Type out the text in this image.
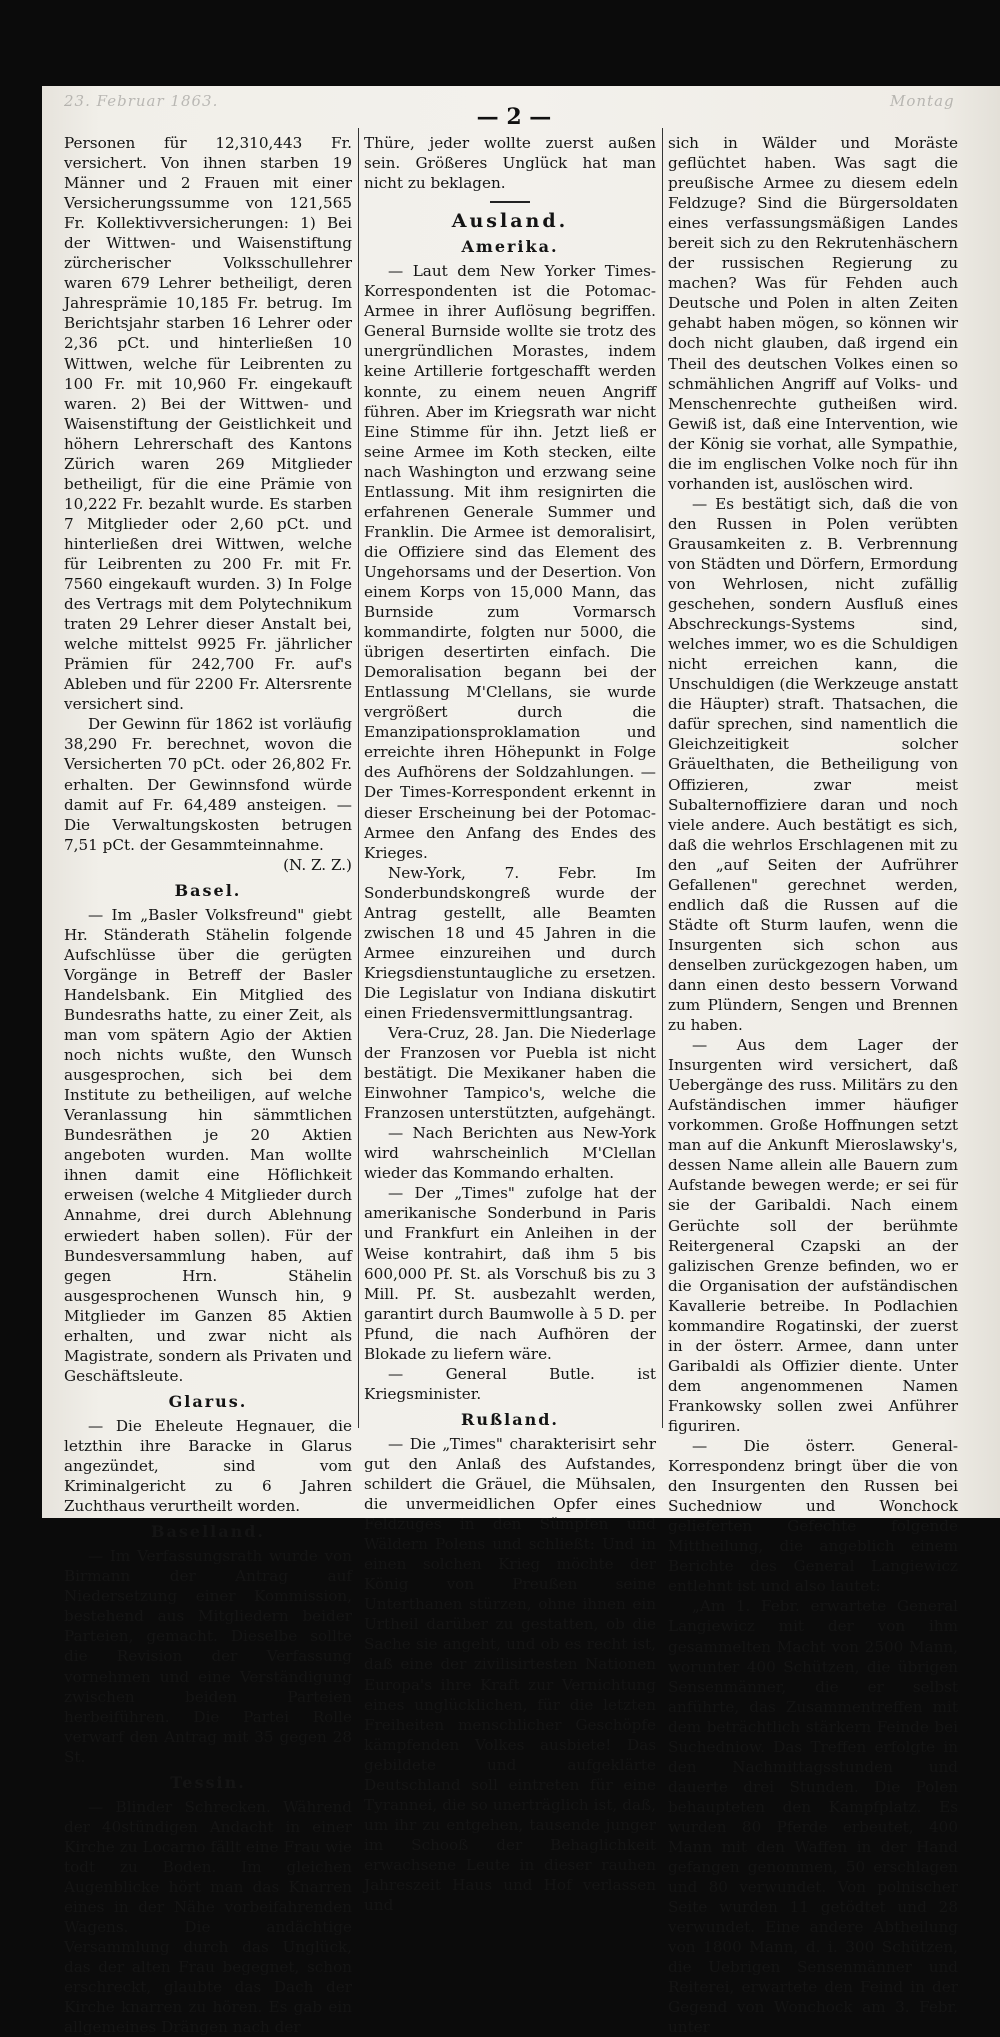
23. Februar 1863.	Montag
— 2 —

Personen für 12,310,443 Fr. versichert. Von ihnen starben 19 Männer und 2 Frauen mit einer Versicherungssumme von 121,565 Fr. Kollektivversicherungen: 1) Bei der Wittwen- und Waisenstiftung zürcherischer Volksschullehrer waren 679 Lehrer betheiligt, deren Jahresprämie 10,185 Fr. betrug. Im Berichtsjahr starben 16 Lehrer oder 2,36 pCt. und hinterließen 10 Wittwen, welche für Leibrenten zu 100 Fr. mit 10,960 Fr. eingekauft waren. 2) Bei der Wittwen- und Waisenstiftung der Geistlichkeit und höhern Lehrerschaft des Kantons Zürich waren 269 Mitglieder betheiligt, für die eine Prämie von 10,222 Fr. bezahlt wurde. Es starben 7 Mitglieder oder 2,60 pCt. und hinterließen drei Wittwen, welche für Leibrenten zu 200 Fr. mit Fr. 7560 eingekauft wurden. 3) In Folge des Vertrags mit dem Polytechnikum traten 29 Lehrer dieser Anstalt bei, welche mittelst 9925 Fr. jährlicher Prämien für 242,700 Fr. auf's Ableben und für 2200 Fr. Altersrente versichert sind.

Der Gewinn für 1862 ist vorläufig 38,290 Fr. berechnet, wovon die Versicherten 70 pCt. oder 26,802 Fr. erhalten. Der Gewinnsfond würde damit auf Fr. 64,489 ansteigen. — Die Verwaltungskosten betrugen 7,51 pCt. der Gesammteinnahme.

(N. Z. Z.)
Basel.

— Im „Basler Volksfreund" giebt Hr. Ständerath Stähelin folgende Aufschlüsse über die gerügten Vorgänge in Betreff der Basler Handelsbank. Ein Mitglied des Bundesraths hatte, zu einer Zeit, als man vom spätern Agio der Aktien noch nichts wußte, den Wunsch ausgesprochen, sich bei dem Institute zu betheiligen, auf welche Veranlassung hin sämmtlichen Bundesräthen je 20 Aktien angeboten wurden. Man wollte ihnen damit eine Höflichkeit erweisen (welche 4 Mitglieder durch Annahme, drei durch Ablehnung erwiedert haben sollen). Für der Bundesversammlung haben, auf gegen Hrn. Stähelin ausgesprochenen Wunsch hin, 9 Mitglieder im Ganzen 85 Aktien erhalten, und zwar nicht als Magistrate, sondern als Privaten und Geschäftsleute.

Glarus.

— Die Eheleute Hegnauer, die letzthin ihre Baracke in Glarus angezündet, sind vom Kriminalgericht zu 6 Jahren Zuchthaus verurtheilt worden.

Baselland.

— Im Verfassungsrath wurde von Birmann der Antrag auf Niedersetzung einer Kommission, bestehend aus Mitgliedern beider Parteien, gemacht. Dieselbe sollte die Revision der Verfassung vornehmen und eine Verständigung zwischen beiden Parteien herbeiführen. Die Partei Rolle verwarf den Antrag mit 35 gegen 28 St.

Tessin.

— Blinder Schrecken. Während der 40stündigen Andacht in einer Kirche zu Locarno fällt eine Frau wie todt zu Boden. Im gleichen Augenblicke hört man das Knarren eines in der Nähe vorbeifahrenden Wagens. Die andächtige Versammlung durch das Unglück, das der alten Frau begegnet, schon erschreckt, glaubte das Dach der Kirche knarren zu hören. Es gab ein allgemeines Drängen nach der

Thüre, jeder wollte zuerst außen sein. Größeres Unglück hat man nicht zu beklagen.

Ausland.
Amerika.

— Laut dem New Yorker Times-Korrespondenten ist die Potomac-Armee in ihrer Auflösung begriffen. General Burnside wollte sie trotz des unergründlichen Morastes, indem keine Artillerie fortgeschafft werden konnte, zu einem neuen Angriff führen. Aber im Kriegsrath war nicht Eine Stimme für ihn. Jetzt ließ er seine Armee im Koth stecken, eilte nach Washington und erzwang seine Entlassung. Mit ihm resignirten die erfahrenen Generale Summer und Franklin. Die Armee ist demoralisirt, die Offiziere sind das Element des Ungehorsams und der Desertion. Von einem Korps von 15,000 Mann, das Burnside zum Vormarsch kommandirte, folgten nur 5000, die übrigen desertirten einfach. Die Demoralisation begann bei der Entlassung M'Clellans, sie wurde vergrößert durch die Emanzipationsproklamation und erreichte ihren Höhepunkt in Folge des Aufhörens der Soldzahlungen. — Der Times-Korrespondent erkennt in dieser Erscheinung bei der Potomac-Armee den Anfang des Endes des Krieges.

New-York, 7. Febr. Im Sonderbundskongreß wurde der Antrag gestellt, alle Beamten zwischen 18 und 45 Jahren in die Armee einzureihen und durch Kriegsdienstuntaugliche zu ersetzen. Die Legislatur von Indiana diskutirt einen Friedensvermittlungsantrag.

Vera-Cruz, 28. Jan. Die Niederlage der Franzosen vor Puebla ist nicht bestätigt. Die Mexikaner haben die Einwohner Tampico's, welche die Franzosen unterstützten, aufgehängt.

— Nach Berichten aus New-York wird wahrscheinlich M'Clellan wieder das Kommando erhalten.

— Der „Times" zufolge hat der amerikanische Sonderbund in Paris und Frankfurt ein Anleihen in der Weise kontrahirt, daß ihm 5 bis 600,000 Pf. St. als Vorschuß bis zu 3 Mill. Pf. St. ausbezahlt werden, garantirt durch Baumwolle à 5 D. per Pfund, die nach Aufhören der Blokade zu liefern wäre.

— General Butle. ist Kriegsminister.

Rußland.

— Die „Times" charakterisirt sehr gut den Anlaß des Aufstandes, schildert die Gräuel, die Mühsalen, die unvermeidlichen Opfer eines Feldzuges in den Sümpfen und Wäldern Polens und schließt: Und in einen solchen Krieg möchte der König von Preußen seine Unterthanen stürzen, ohne ihnen ein Urtheil darüber zu gestatten, ob die Sache sie angeht, und ob es recht ist, daß eine der zivilisirtesten Nationen Europa's ihre Kraft zur Vernichtung eines unglücklichen, für die letzten Freiheiten menschlicher Geschöpfe kämpfenden Volkes ausbiete! Das gebildete und aufgeklärte Deutschland soll eintreten für eine Tyrannei, die so unerträglich ist, daß, um ihr zu entgehen, tausende junger im Schooß der Behaglichkeit erwachsene Leute in dieser rauhen Jahreszeit Haus und Hof verlassen und

sich in Wälder und Moräste geflüchtet haben. Was sagt die preußische Armee zu diesem edeln Feldzuge? Sind die Bürgersoldaten eines verfassungsmäßigen Landes bereit sich zu den Rekrutenhäschern der russischen Regierung zu machen? Was für Fehden auch Deutsche und Polen in alten Zeiten gehabt haben mögen, so können wir doch nicht glauben, daß irgend ein Theil des deutschen Volkes einen so schmählichen Angriff auf Volks- und Menschenrechte gutheißen wird. Gewiß ist, daß eine Intervention, wie der König sie vorhat, alle Sympathie, die im englischen Volke noch für ihn vorhanden ist, auslöschen wird.

— Es bestätigt sich, daß die von den Russen in Polen verübten Grausamkeiten z. B. Verbrennung von Städten und Dörfern, Ermordung von Wehrlosen, nicht zufällig geschehen, sondern Ausfluß eines Abschreckungs-Systems sind, welches immer, wo es die Schuldigen nicht erreichen kann, die Unschuldigen (die Werkzeuge anstatt die Häupter) straft. Thatsachen, die dafür sprechen, sind namentlich die Gleichzeitigkeit solcher Gräuelthaten, die Betheiligung von Offizieren, zwar meist Subalternoffiziere daran und noch viele andere. Auch bestätigt es sich, daß die wehrlos Erschlagenen mit zu den „auf Seiten der Aufrührer Gefallenen" gerechnet werden, endlich daß die Russen auf die Städte oft Sturm laufen, wenn die Insurgenten sich schon aus denselben zurückgezogen haben, um dann einen desto bessern Vorwand zum Plündern, Sengen und Brennen zu haben.

— Aus dem Lager der Insurgenten wird versichert, daß Uebergänge des russ. Militärs zu den Aufständischen immer häufiger vorkommen. Große Hoffnungen setzt man auf die Ankunft Mieroslawsky's, dessen Name allein alle Bauern zum Aufstande bewegen werde; er sei für sie der Garibaldi. Nach einem Gerüchte soll der berühmte Reitergeneral Czapski an der galizischen Grenze befinden, wo er die Organisation der aufständischen Kavallerie betreibe. In Podlachien kommandire Rogatinski, der zuerst in der österr. Armee, dann unter Garibaldi als Offizier diente. Unter dem angenommenen Namen Frankowsky sollen zwei Anführer figuriren.

— Die österr. General-Korrespondenz bringt über die von den Insurgenten den Russen bei Suchedniow und Wonchock gelieferten Gefechte folgende Mittheilung, die angeblich einem Berichte des General Langiewicz entlehnt ist und also lautet:

„Am 1. Febr. erwartete General Langiewicz mit der von ihm gesammelten Macht von 2500 Mann, worunter 400 Schützen, die übrigen Sensenmänner, die er selbst anführte, das Zusammentreffen mit dem beträchtlich stärkern Feinde bei Suchedniow. Das Treffen erfolgte in den Nachmittagsstunden und dauerte drei Stunden. Die Polen behaupteten den Kampfplatz. Es wurden 80 Pferde erbeutet, 400 Mann mit den Waffen in der Hand gefangen genommen, 50 erschlagen und 80 verwundet. Von polnischer Seite wurden 11 getödtet und 28 verwundet. Eine andere Abtheilung von 1800 Mann, d. i. 300 Schützen, die Uebrigen Sensenmänner und Reiterei, erwartete den Feind in der Gegend von Wonchock am 3. Febr. unter
